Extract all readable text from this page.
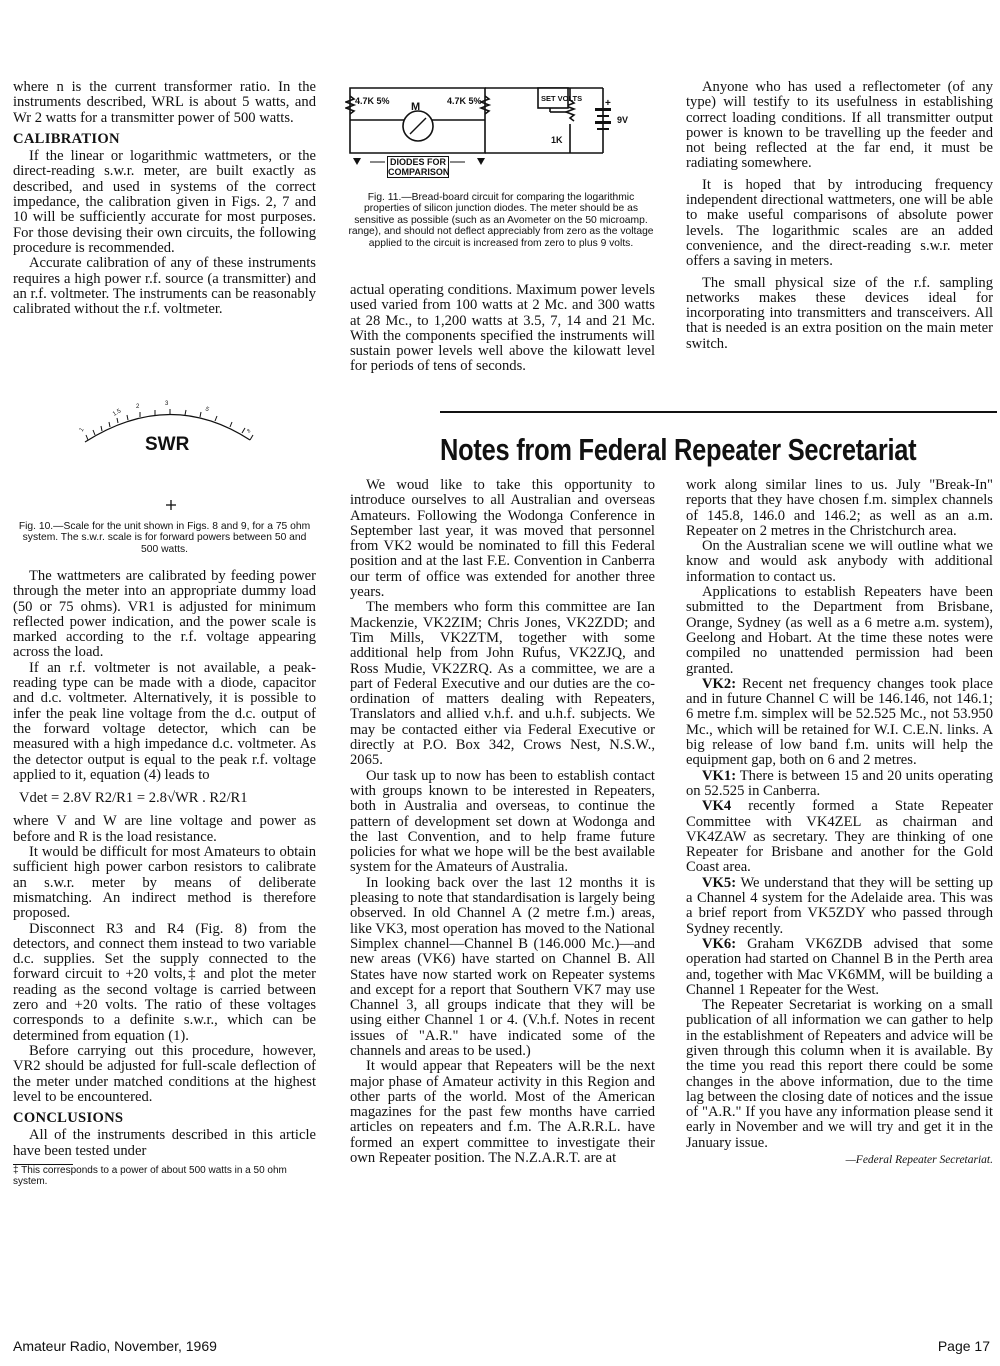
where n is the current transformer ratio. In the instruments described, WRL is about 5 watts, and Wr 2 watts for a transmitter power of 500 watts.

CALIBRATION

If the linear or logarithmic wattmeters, or the direct-reading s.w.r. meter, are built exactly as described, and used in systems of the correct impedance, the calibration given in Figs. 2, 7 and 10 will be sufficiently accurate for most purposes. For those devising their own circuits, the following procedure is recommended.

Accurate calibration of any of these instruments requires a high power r.f. source (a transmitter) and an r.f. voltmeter. The instruments can be reasonably calibrated without the r.f. voltmeter.

1
1.5
2	3
5
∞
SWR
Fig. 10.—Scale for the unit shown in Figs. 8 and 9, for a 75 ohm system. The s.w.r. scale is for forward powers between 50 and 500 watts.

The wattmeters are calibrated by feeding power through the meter into an appropriate dummy load (50 or 75 ohms). VR1 is adjusted for minimum reflected power indication, and the power scale is marked according to the r.f. voltage appearing across the load.

If an r.f. voltmeter is not available, a peak-reading type can be made with a diode, capacitor and d.c. voltmeter. Alternatively, it is possible to infer the peak line voltage from the d.c. output of the forward voltage detector, which can be measured with a high impedance d.c. voltmeter. As the detector output is equal to the peak r.f. voltage applied to it, equation (4) leads to

Vdet = 2.8V R2/R1 = 2.8√WR . R2/R1

where V and W are line voltage and power as before and R is the load resistance.

It would be difficult for most Amateurs to obtain sufficient high power carbon resistors to calibrate an s.w.r. meter by means of deliberate mismatching. An indirect method is therefore proposed.

Disconnect R3 and R4 (Fig. 8) from the detectors, and connect them instead to two variable d.c. supplies. Set the supply connected to the forward circuit to +20 volts,‡ and plot the meter reading as the second voltage is carried between zero and +20 volts. The ratio of these voltages corresponds to a definite s.w.r., which can be determined from equation (1).

Before carrying out this procedure, however, VR2 should be adjusted for full-scale deflection of the meter under matched conditions at the highest level to be encountered.

CONCLUSIONS

All of the instruments described in this article have been tested under

‡ This corresponds to a power of about 500 watts in a 50 ohm system.
4.7K 5% M	4.7K 5%	SET VOLTS
1K
9V
+
DIODES FOR COMPARISON
Fig. 11.—Bread-board circuit for comparing the logarithmic properties of silicon junction diodes. The meter should be as sensitive as possible (such as an Avometer on the 50 microamp. range), and should not deflect appreciably from zero as the voltage applied to the circuit is increased from zero to plus 9 volts.

actual operating conditions. Maximum power levels used varied from 100 watts at 2 Mc. and 300 watts at 28 Mc., to 1,200 watts at 3.5, 7, 14 and 21 Mc. With the components specified the instruments will sustain power levels well above the kilowatt level for periods of tens of seconds.

Anyone who has used a reflectometer (of any type) will testify to its usefulness in establishing correct loading conditions. If all transmitter output power is known to be travelling up the feeder and not being reflected at the far end, it must be radiating somewhere.

It is hoped that by introducing frequency independent directional wattmeters, one will be able to make useful comparisons of absolute power levels. The logarithmic scales are an added convenience, and the direct-reading s.w.r. meter offers a saving in meters.

The small physical size of the r.f. sampling networks makes these devices ideal for incorporating into transmitters and transceivers. All that is needed is an extra position on the main meter switch.

Notes from Federal Repeater Secretariat

We woud like to take this opportunity to introduce ourselves to all Australian and overseas Amateurs. Following the Wodonga Conference in September last year, it was moved that personnel from VK2 would be nominated to fill this Federal position and at the last F.E. Convention in Canberra our term of office was extended for another three years.

The members who form this committee are Ian Mackenzie, VK2ZIM; Chris Jones, VK2ZDD; and Tim Mills, VK2ZTM, together with some additional help from John Rufus, VK2ZJQ, and Ross Mudie, VK2ZRQ. As a committee, we are a part of Federal Executive and our duties are the co-ordination of matters dealing with Repeaters, Translators and allied v.h.f. and u.h.f. subjects. We may be contacted either via Federal Executive or directly at P.O. Box 342, Crows Nest, N.S.W., 2065.

Our task up to now has been to establish contact with groups known to be interested in Repeaters, both in Australia and overseas, to continue the pattern of development set down at Wodonga and the last Convention, and to help frame future policies for what we hope will be the best available system for the Amateurs of Australia.

In looking back over the last 12 months it is pleasing to note that standardisation is largely being observed. In old Channel A (2 metre f.m.) areas, like VK3, most operation has moved to the National Simplex channel—Channel B (146.000 Mc.)—and new areas (VK6) have started on Channel B. All States have now started work on Repeater systems and except for a report that Southern VK7 may use Channel 3, all groups indicate that they will be using either Channel 1 or 4. (V.h.f. Notes in recent issues of "A.R." have indicated some of the channels and areas to be used.)

It would appear that Repeaters will be the next major phase of Amateur activity in this Region and other parts of the world. Most of the American magazines for the past few months have carried articles on repeaters and f.m. The A.R.R.L. have formed an expert committee to investigate their own Repeater position. The N.Z.A.R.T. are at

work along similar lines to us. July "Break-In" reports that they have chosen f.m. simplex channels of 145.8, 146.0 and 146.2; as well as an a.m. Repeater on 2 metres in the Christchurch area.

On the Australian scene we will outline what we know and would ask anybody with additional information to contact us.

Applications to establish Repeaters have been submitted to the Department from Brisbane, Orange, Sydney (as well as a 6 metre a.m. system), Geelong and Hobart. At the time these notes were compiled no unattended permission had been granted.

VK2: Recent net frequency changes took place and in future Channel C will be 146.146, not 146.1; 6 metre f.m. simplex will be 52.525 Mc., not 53.950 Mc., which will be retained for W.I. C.E.N. links. A big release of low band f.m. units will help the equipment gap, both on 6 and 2 metres.

VK1: There is between 15 and 20 units operating on 52.525 in Canberra.

VK4 recently formed a State Repeater Committee with VK4ZEL as chairman and VK4ZAW as secretary. They are thinking of one Repeater for Brisbane and another for the Gold Coast area.

VK5: We understand that they will be setting up a Channel 4 system for the Adelaide area. This was a brief report from VK5ZDY who passed through Sydney recently.

VK6: Graham VK6ZDB advised that some operation had started on Channel B in the Perth area and, together with Mac VK6MM, will be building a Channel 1 Repeater for the West.

The Repeater Secretariat is working on a small publication of all information we can gather to help in the establishment of Repeaters and advice will be given through this column when it is available. By the time you read this report there could be some changes in the above information, due to the time lag between the closing date of notices and the issue of "A.R." If you have any information please send it early in November and we will try and get it in the January issue.

—Federal Repeater Secretariat.
Amateur Radio, November, 1969	Page 17
